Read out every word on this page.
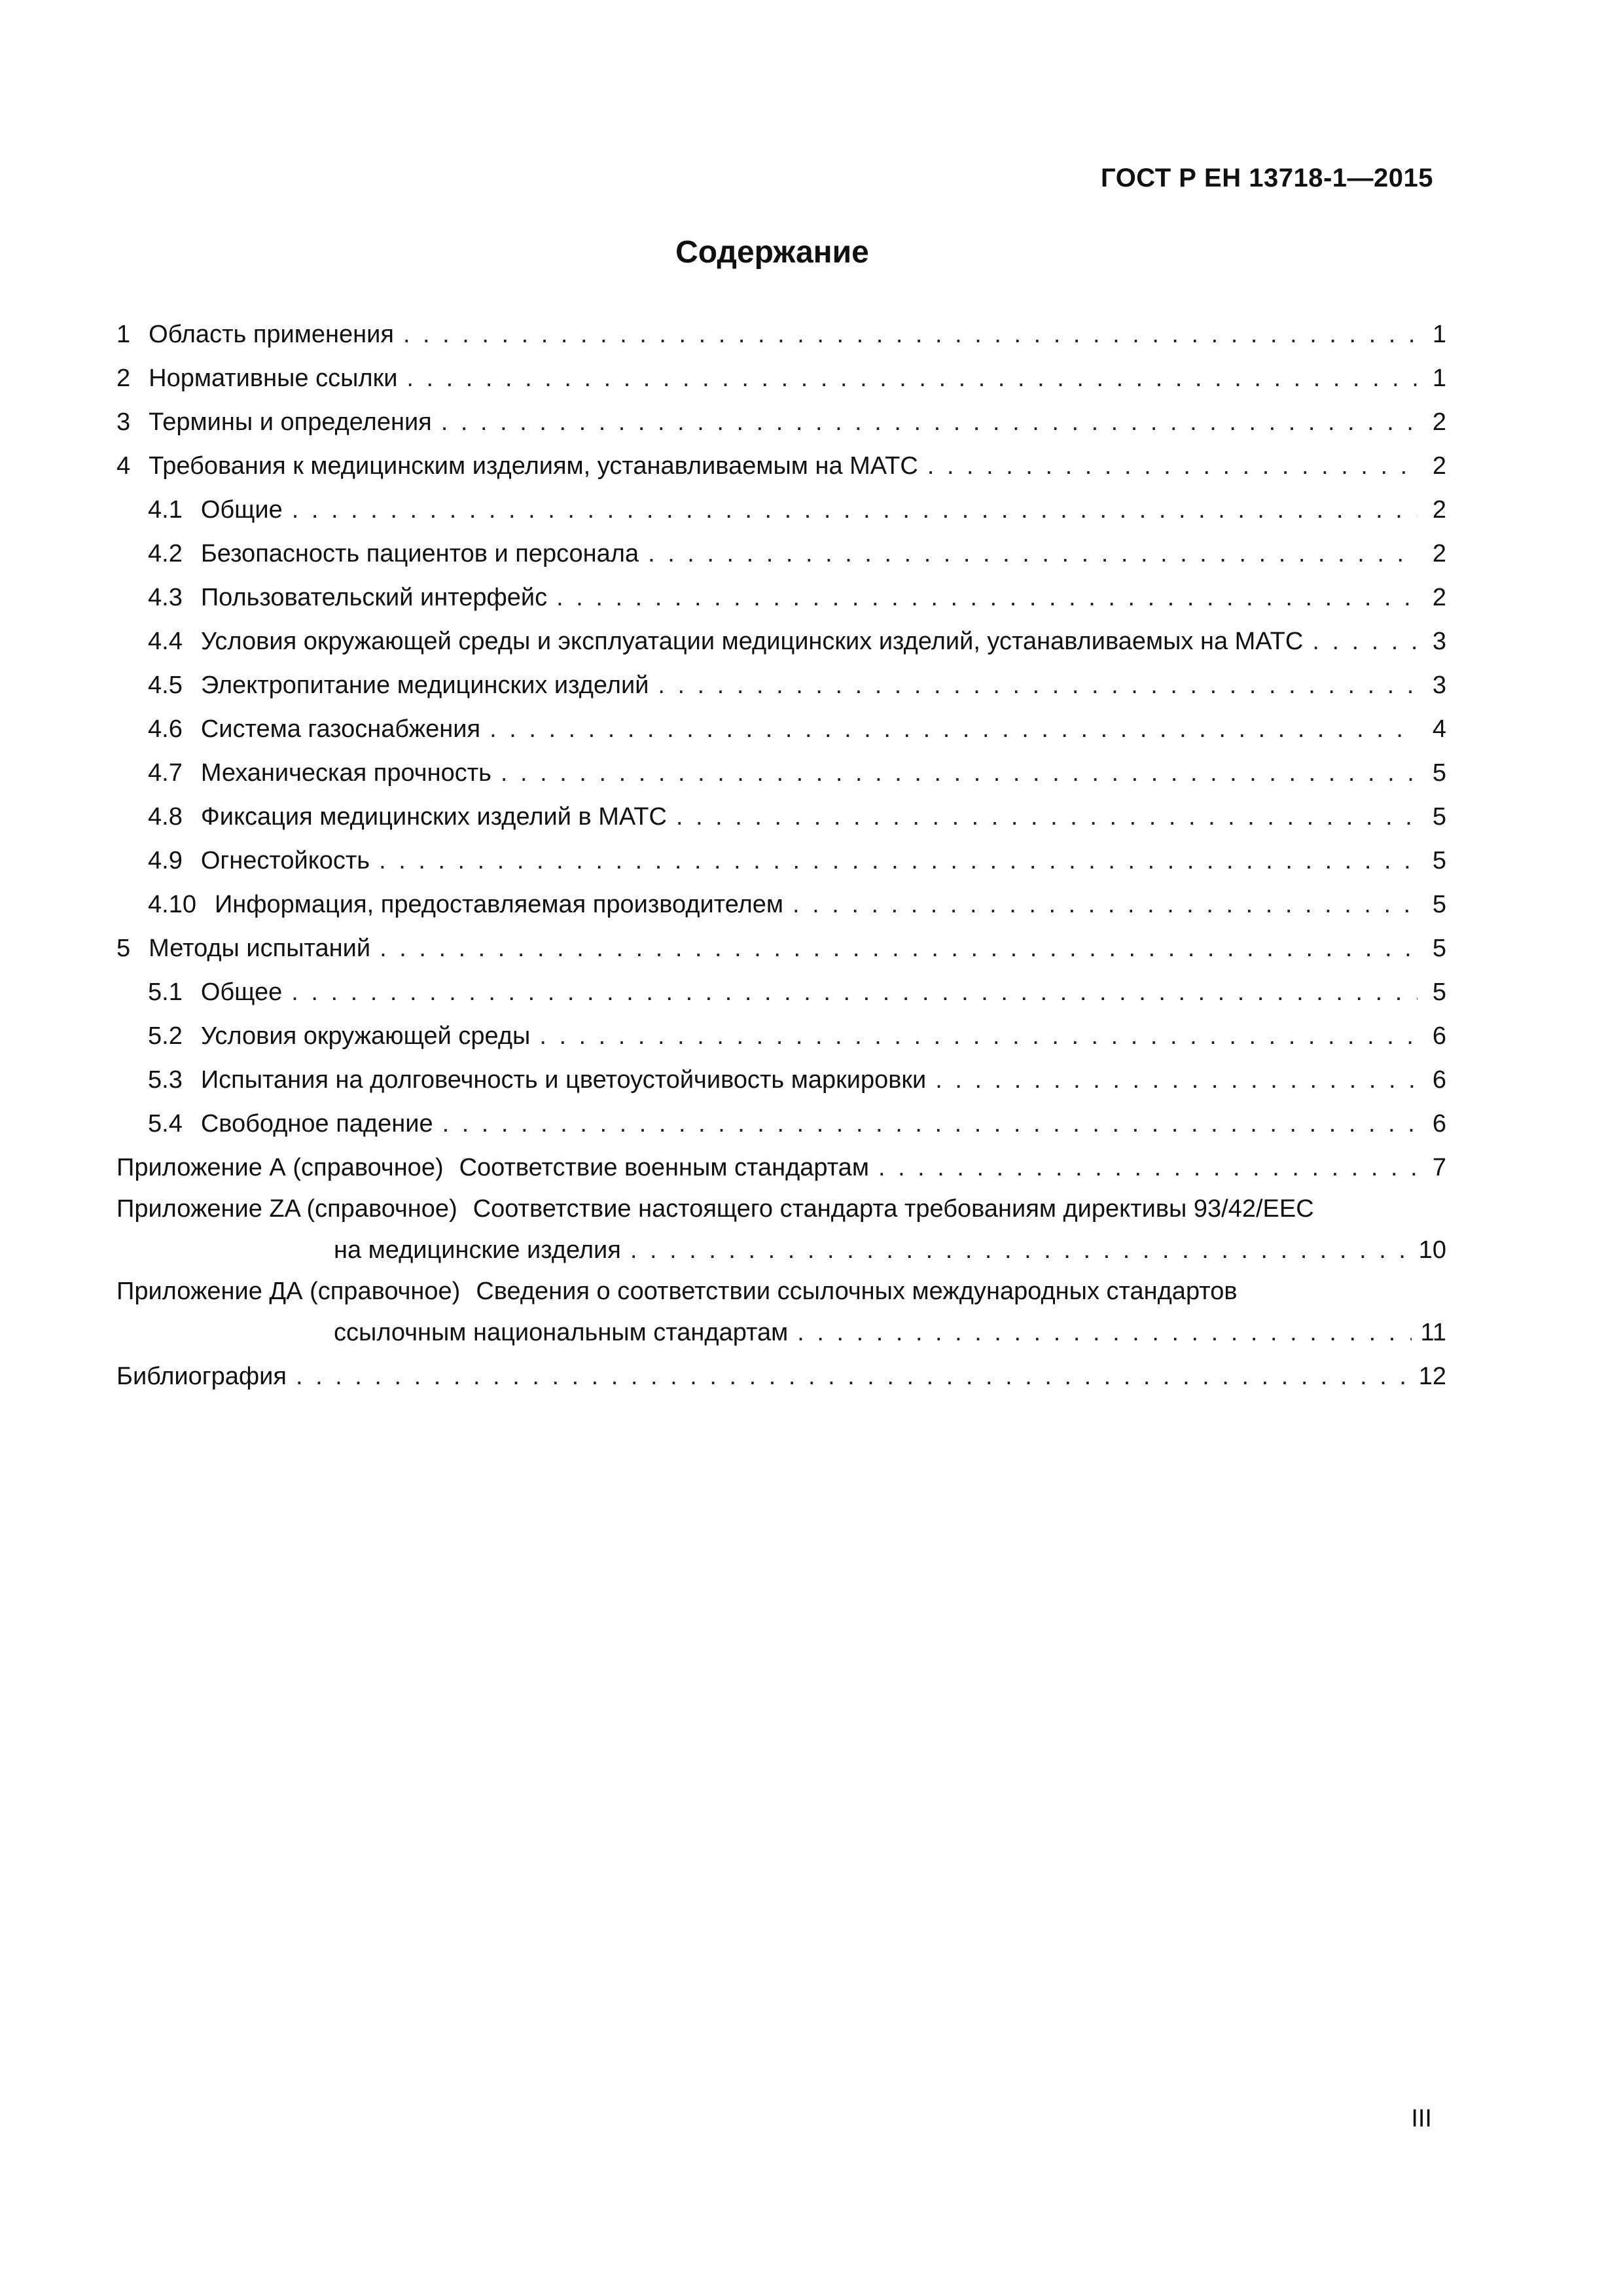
ГОСТ Р ЕН 13718-1—2015
Содержание
1 Область применения . . .	1
2 Нормативные ссылки . . .	1
3 Термины и определения . . .	2
4 Требования к медицинским изделиям, устанавливаемым на МАТС . . .	2
4.1 Общие . . .	2
4.2 Безопасность пациентов и персонала . . .	2
4.3 Пользовательский интерфейс . . .	2
4.4 Условия окружающей среды и эксплуатации медицинских изделий, устанавливаемых на МАТС . . .	3
4.5 Электропитание медицинских изделий . . .	3
4.6 Система газоснабжения . . .	4
4.7 Механическая прочность . . .	5
4.8 Фиксация медицинских изделий в МАТС . . .	5
4.9 Огнестойкость . . .	5
4.10 Информация, предоставляемая производителем . . .	5
5 Методы испытаний . . .	5
5.1 Общее . . .	5
5.2 Условия окружающей среды . . .	6
5.3 Испытания на долговечность и цветоустойчивость маркировки . . .	6
5.4 Свободное падение . . .	6
Приложение А (справочное) Соответствие военным стандартам . . .	7
Приложение ZA (справочное) Соответствие настоящего стандарта требованиям директивы 93/42/EEC
на медицинские изделия . . .	10
Приложение ДА (справочное) Сведения о соответствии ссылочных международных стандартов
ссылочным национальным стандартам . . .	11
Библиография . . .	12
III
